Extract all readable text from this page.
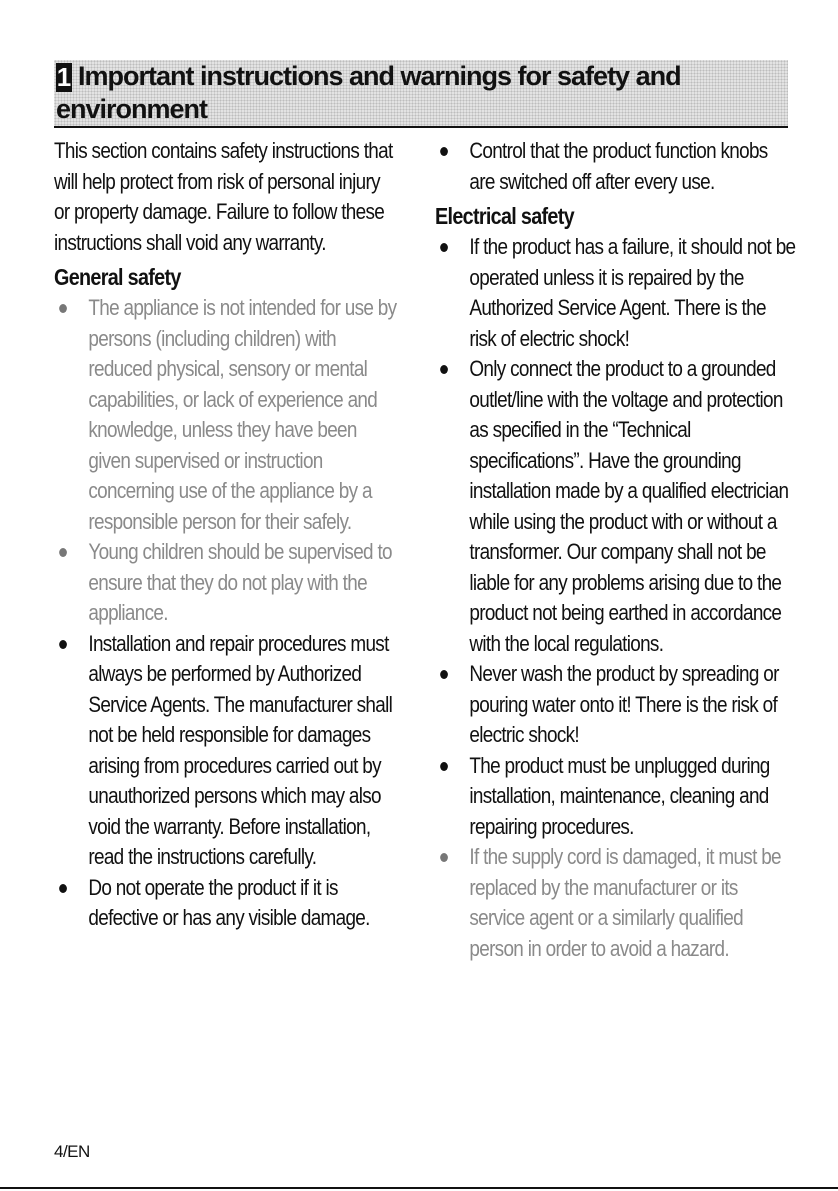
1 Important instructions and warnings for safety and
environment

This section contains safety instructions that will help protect from risk of personal injury or property damage. Failure to follow these instructions shall void any warranty.

General safety
The appliance is not intended for use by persons (including children) with reduced physical, sensory or mental capabilities, or lack of experience and knowledge, unless they have been given supervised or instruction concerning use of the appliance by a responsible person for their safely.
Young children should be supervised to ensure that they do not play with the appliance.
Installation and repair procedures must always be performed by Authorized Service Agents. The manufacturer shall not be held responsible for damages arising from procedures carried out by unauthorized persons which may also void the warranty. Before installation, read the instructions carefully.
Do not operate the product if it is defective or has any visible damage.
Control that the product function knobs are switched off after every use.
Electrical safety
If the product has a failure, it should not be operated unless it is repaired by the Authorized Service Agent. There is the risk of electric shock!
Only connect the product to a grounded outlet/line with the voltage and protection as specified in the “Technical specifications”. Have the grounding installation made by a qualified electrician while using the product with or without a transformer. Our company shall not be liable for any problems arising due to the product not being earthed in accordance with the local regulations.
Never wash the product by spreading or pouring water onto it! There is the risk of electric shock!
The product must be unplugged during installation, maintenance, cleaning and repairing procedures.
If the supply cord is damaged, it must be replaced by the manufacturer or its service agent or a similarly qualified person in order to avoid a hazard.
4/EN
